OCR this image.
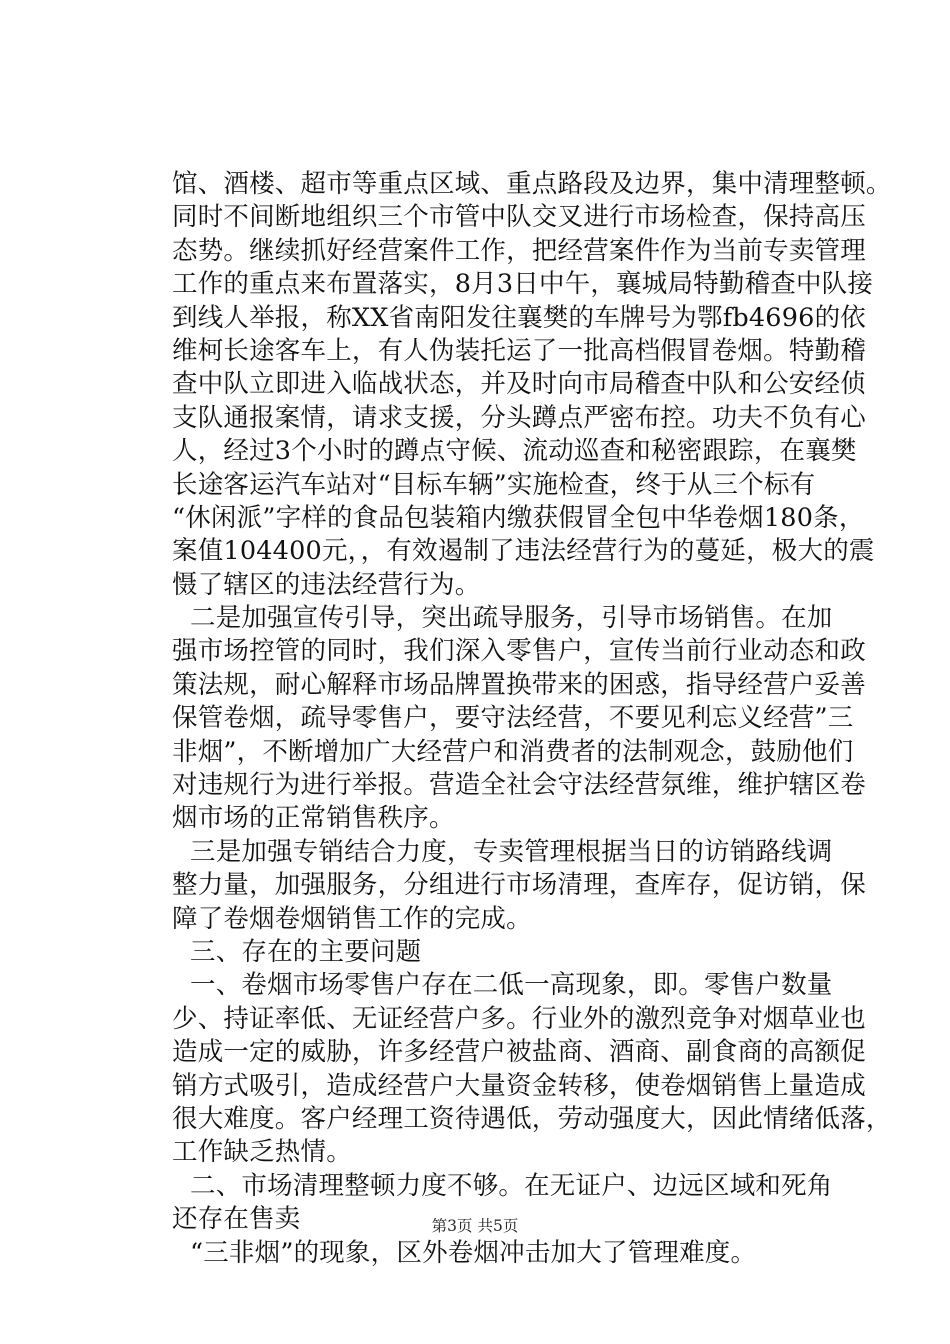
馆、酒楼、超市等重点区域、重点路段及边界，集中清理整顿。
同时不间断地组织三个市管中队交叉进行市场检查，保持高压
态势。继续抓好经营案件工作，把经营案件作为当前专卖管理
工作的重点来布置落实，8月3日中午，襄城局特勤稽查中队接
到线人举报，称XX省南阳发往襄樊的车牌号为鄂fb4696的依
维柯长途客车上，有人伪装托运了一批高档假冒卷烟。特勤稽
查中队立即进入临战状态，并及时向市局稽查中队和公安经侦
支队通报案情，请求支援，分头蹲点严密布控。功夫不负有心
人，经过3个小时的蹲点守候、流动巡查和秘密跟踪，在襄樊
长途客运汽车站对“目标车辆”实施检查，终于从三个标有
“休闲派”字样的食品包装箱内缴获假冒全包中华卷烟180条，
案值104400元，，有效遏制了违法经营行为的蔓延，极大的震
慑了辖区的违法经营行为。
二是加强宣传引导，突出疏导服务，引导市场销售。在加
强市场控管的同时，我们深入零售户，宣传当前行业动态和政
策法规，耐心解释市场品牌置换带来的困惑，指导经营户妥善
保管卷烟，疏导零售户，要守法经营，不要见利忘义经营”三
非烟”，不断增加广大经营户和消费者的法制观念，鼓励他们
对违规行为进行举报。营造全社会守法经营氛维，维护辖区卷
烟市场的正常销售秩序。
三是加强专销结合力度，专卖管理根据当日的访销路线调
整力量，加强服务，分组进行市场清理，查库存，促访销，保
障了卷烟卷烟销售工作的完成。
三、存在的主要问题
一、卷烟市场零售户存在二低一高现象，即。零售户数量
少、持证率低、无证经营户多。行业外的激烈竞争对烟草业也
造成一定的威胁，许多经营户被盐商、酒商、副食商的高额促
销方式吸引，造成经营户大量资金转移，使卷烟销售上量造成
很大难度。客户经理工资待遇低，劳动强度大，因此情绪低落，
工作缺乏热情。
二、市场清理整顿力度不够。在无证户、边远区域和死角
还存在售卖
“三非烟”的现象，区外卷烟冲击加大了管理难度。
第3页 共5页
